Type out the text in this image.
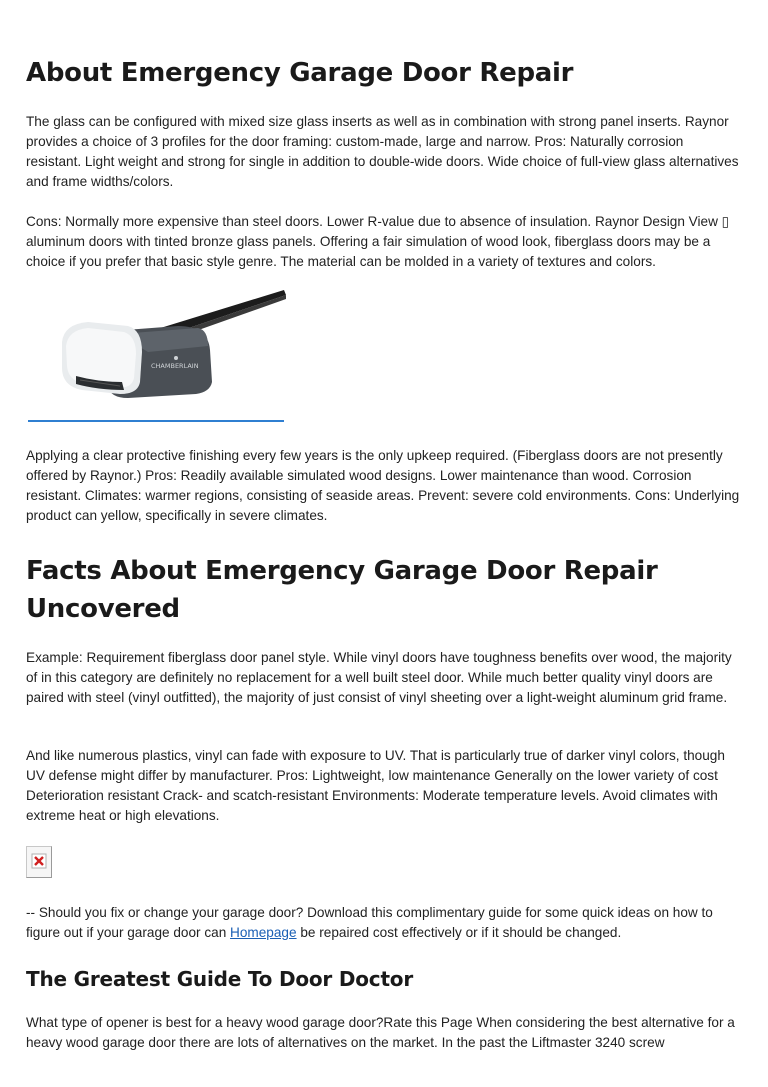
About Emergency Garage Door Repair

The glass can be configured with mixed size glass inserts as well as in combination with strong panel inserts. Raynor provides a choice of 3 profiles for the door framing: custom-made, large and narrow. Pros: Naturally corrosion resistant. Light weight and strong for single in addition to double-wide doors. Wide choice of full-view glass alternatives and frame widths/colors.

Cons: Normally more expensive than steel doors. Lower R-value due to absence of insulation. Raynor Design View ▯ aluminum doors with tinted bronze glass panels. Offering a fair simulation of wood look, fiberglass doors may be a choice if you prefer that basic style genre. The material can be molded in a variety of textures and colors.

CHAMBERLAIN

Applying a clear protective finishing every few years is the only upkeep required. (Fiberglass doors are not presently offered by Raynor.) Pros: Readily available simulated wood designs. Lower maintenance than wood. Corrosion resistant. Climates: warmer regions, consisting of seaside areas. Prevent: severe cold environments. Cons: Underlying product can yellow, specifically in severe climates.

Facts About Emergency Garage Door Repair
Uncovered

Example: Requirement fiberglass door panel style. While vinyl doors have toughness benefits over wood, the majority of in this category are definitely no replacement for a well built steel door. While much better quality vinyl doors are paired with steel (vinyl outfitted), the majority of just consist of vinyl sheeting over a light-weight aluminum grid frame.

And like numerous plastics, vinyl can fade with exposure to UV. That is particularly true of darker vinyl colors, though UV defense might differ by manufacturer. Pros: Lightweight, low maintenance Generally on the lower variety of cost Deterioration resistant Crack- and scatch-resistant Environments: Moderate temperature levels. Avoid climates with extreme heat or high elevations.

-- Should you fix or change your garage door? Download this complimentary guide for some quick ideas on how to figure out if your garage door can Homepage be repaired cost effectively or if it should be changed.

The Greatest Guide To Door Doctor

What type of opener is best for a heavy wood garage door?Rate this Page When considering the best alternative for a heavy wood garage door there are lots of alternatives on the market. In the past the Liftmaster 3240 screw
